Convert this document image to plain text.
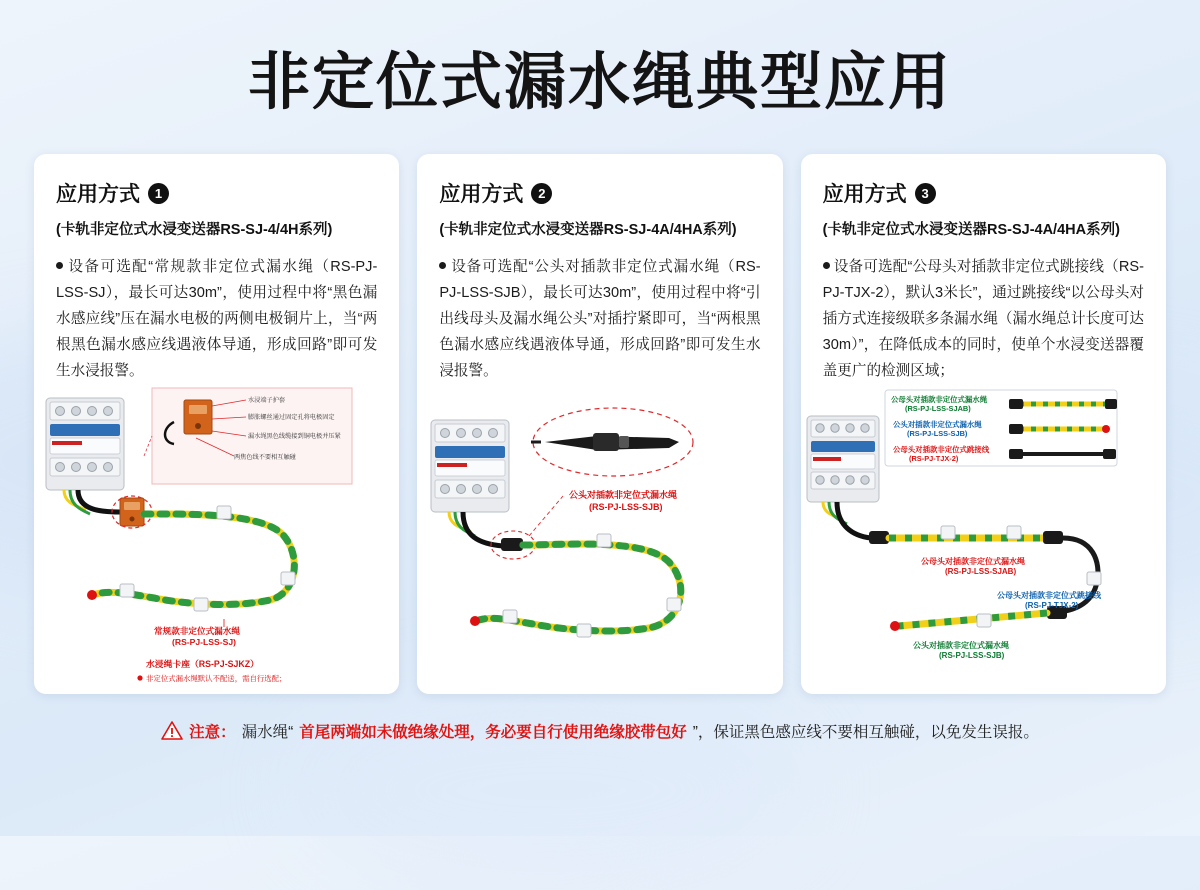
非定位式漏水绳典型应用
应用方式	1
(卡轨非定位式水浸变送器RS-SJ-4/4H系列)
设备可选配“常规款非定位式漏水绳（RS-PJ-LSS-SJ），最长可达30m”，使用过程中将“黑色漏水感应线”压在漏水电极的两侧电极铜片上，当“两根黑色漏水感应线遇液体导通，形成回路”即可发生水浸报警。
水浸端子护套
膨胀螺丝通过固定孔将电极固定
漏水绳黑色线缆接到铜电极并压紧
两焦色线不要相互触碰
常规款非定位式漏水绳
(RS-PJ-LSS-SJ)
水浸绳卡座（RS-PJ-SJKZ）
非定位式漏水绳默认不配送，需自行选配；
应用方式	2
(卡轨非定位式水浸变送器RS-SJ-4A/4HA系列)
设备可选配“公头对插款非定位式漏水绳（RS-PJ-LSS-SJB），最长可达30m”，使用过程中将“引出线母头及漏水绳公头”对插拧紧即可，当“两根黑色漏水感应线遇液体导通，形成回路”即可发生水浸报警。
公头对插款非定位式漏水绳
(RS-PJ-LSS-SJB)
应用方式	3
(卡轨非定位式水浸变送器RS-SJ-4A/4HA系列)
设备可选配“公母头对插款非定位式跳接线（RS-PJ-TJX-2），默认3米长”，通过跳接线“以公母头对插方式连接级联多条漏水绳（漏水绳总计长度可达30m）”，在降低成本的同时，使单个水浸变送器覆盖更广的检测区域；
公母头对插款非定位式漏水绳
(RS-PJ-LSS-SJAB)
公头对插款非定位式漏水绳
(RS-PJ-LSS-SJB)
公母头对插款非定位式跳接线
(RS-PJ-TJX-2)
公母头对插款非定位式漏水绳
(RS-PJ-LSS-SJAB)
公母头对插款非定位式跳接线
(RS-PJ-TJX-2)
公头对插款非定位式漏水绳
(RS-PJ-LSS-SJB)
注意： 漏水绳“ 首尾两端如未做绝缘处理，务必要自行使用绝缘胶带包好 ”，保证黑色感应线不要相互触碰，以免发生误报。
